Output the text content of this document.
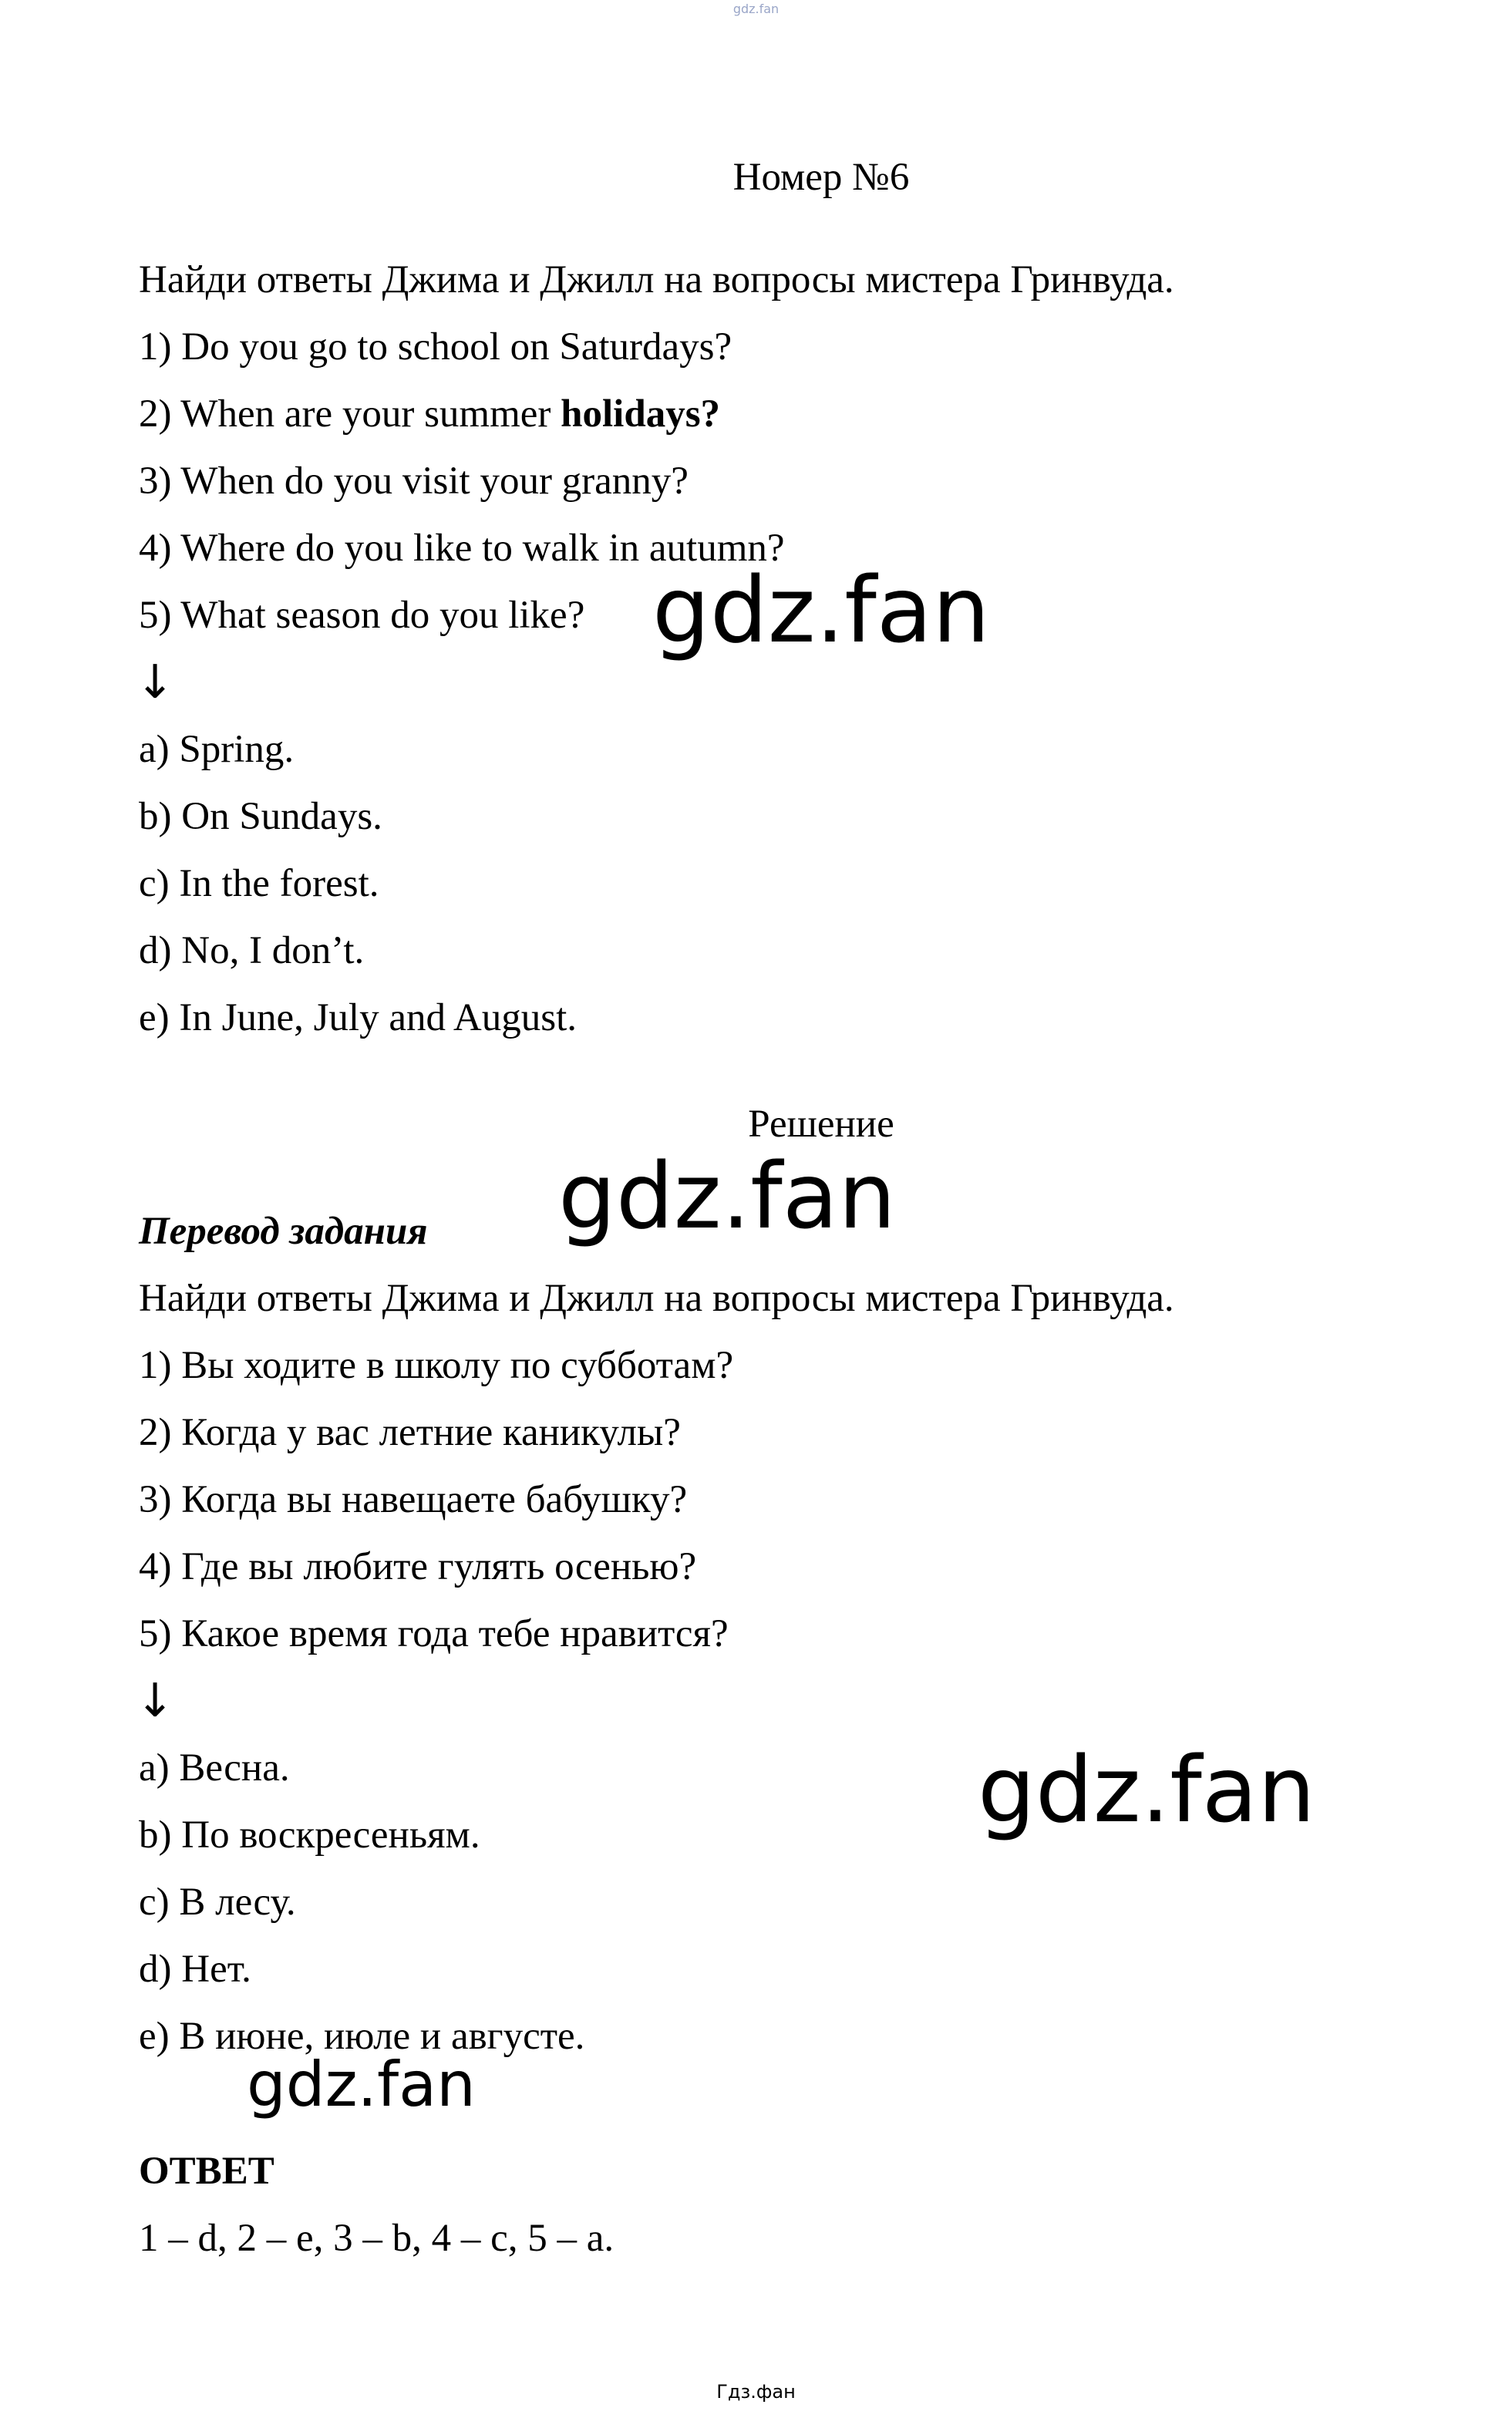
gdz.fan
Номер №6
Найди ответы Джима и Джилл на вопросы мистера Гринвуда.
1) Do you go to school on Saturdays?
2) When are your summer holidays?
3) When do you visit your granny?
4) Where do you like to walk in autumn?
5) What season do you like?
↓
a) Spring.
b) On Sundays.
c) In the forest.
d) No, I don’t.
e) In June, July and August.
Решение
Перевод задания
Найди ответы Джима и Джилл на вопросы мистера Гринвуда.
1) Вы ходите в школу по субботам?
2) Когда у вас летние каникулы?
3) Когда вы навещаете бабушку?
4) Где вы любите гулять осенью?
5) Какое время года тебе нравится?
↓
a) Весна.
b) По воскресеньям.
c) В лесу.
d) Нет.
e) В июне, июле и августе.
ОТВЕТ
1 – d, 2 – e, 3 – b, 4 – c, 5 – a.
gdz.fan
gdz.fan
gdz.fan
gdz.fan
Гдз.фан
